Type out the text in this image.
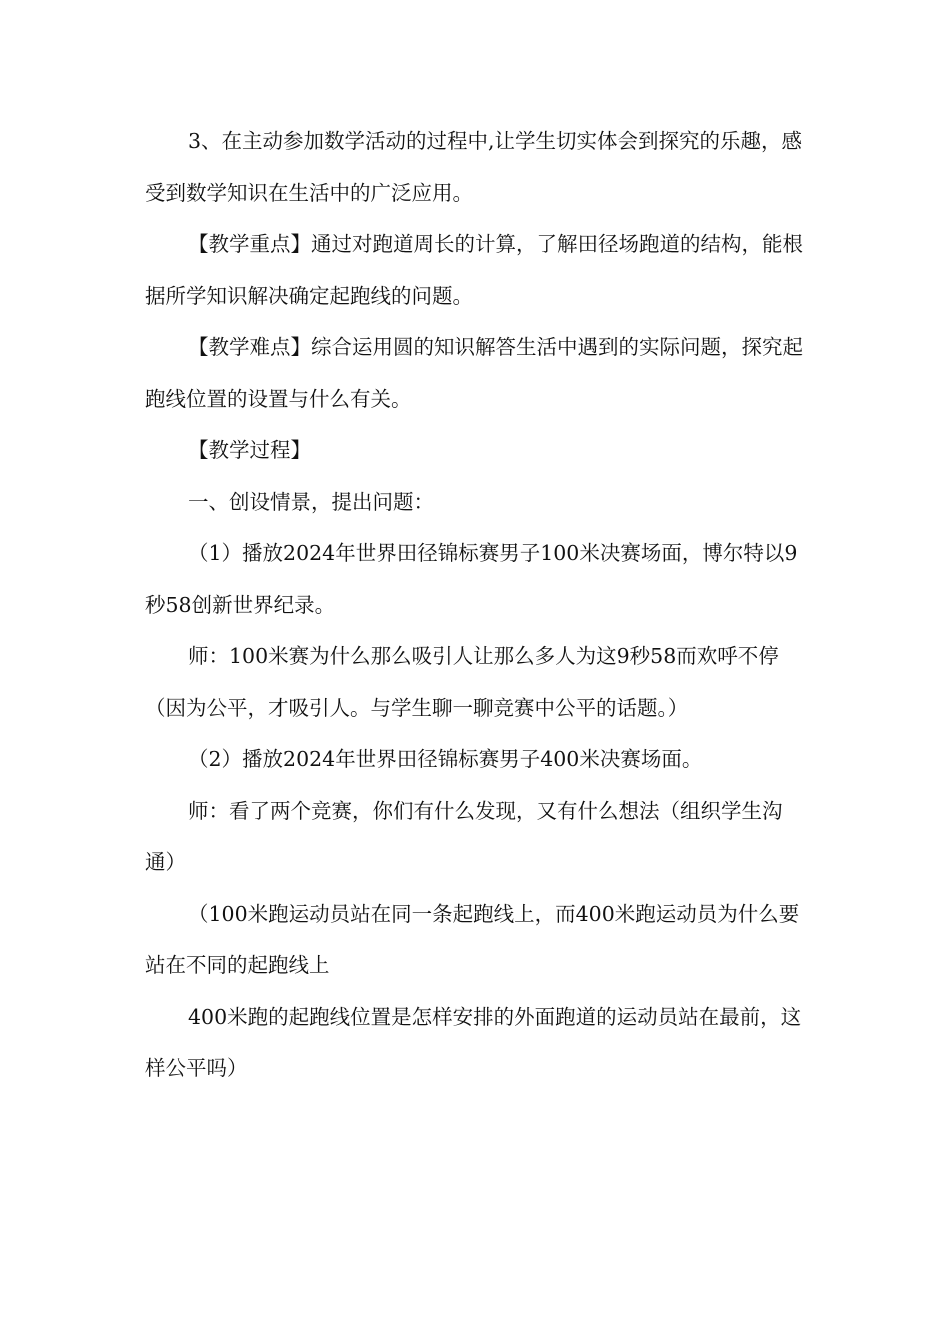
3、在主动参加数学活动的过程中,让学生切实体会到探究的乐趣，感受到数学知识在生活中的广泛应用。

【教学重点】通过对跑道周长的计算，了解田径场跑道的结构，能根据所学知识解决确定起跑线的问题。

【教学难点】综合运用圆的知识解答生活中遇到的实际问题，探究起跑线位置的设置与什么有关。

【教学过程】

一、创设情景，提出问题：

（1）播放2024年世界田径锦标赛男子100米决赛场面，博尔特以9秒58创新世界纪录。

师：100米赛为什么那么吸引人让那么多人为这9秒58而欢呼不停（因为公平，才吸引人。与学生聊一聊竞赛中公平的话题。）

（2）播放2024年世界田径锦标赛男子400米决赛场面。

师：看了两个竞赛，你们有什么发现，又有什么想法（组织学生沟通）

（100米跑运动员站在同一条起跑线上，而400米跑运动员为什么要站在不同的起跑线上

400米跑的起跑线位置是怎样安排的外面跑道的运动员站在最前，这样公平吗）
